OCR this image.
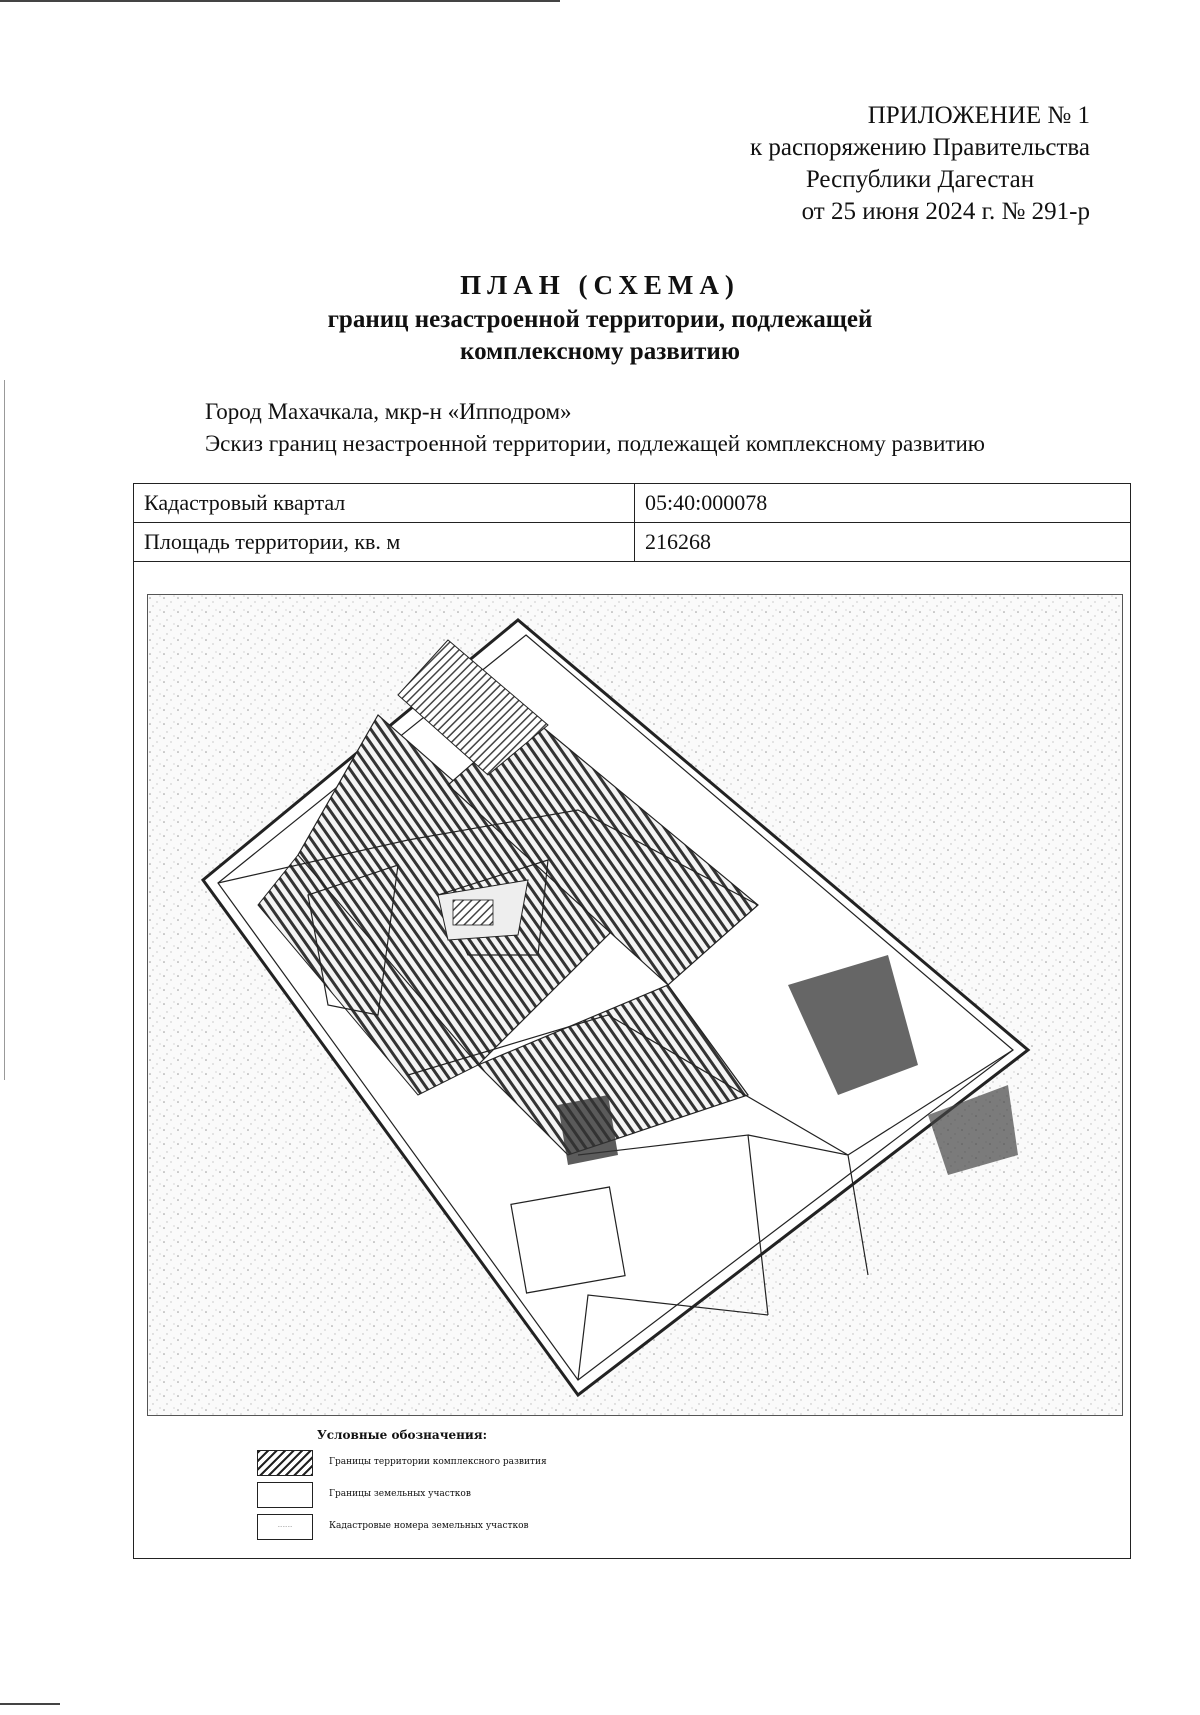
ПРИЛОЖЕНИЕ № 1
к распоряжению Правительства
Республики Дагестан
от 25 июня 2024 г. № 291-р
ПЛАН (СХЕМА)
границ незастроенной территории, подлежащей
комплексному развитию
Город Махачкала, мкр-н «Ипподром»
Эскиз границ незастроенной территории, подлежащей комплексному развитию
Кадастровый квартал	05:40:000078
Площадь территории, кв. м	216268
Условные обозначения:
Границы территории комплексного развития
Границы земельных участков
⋯⋯⋯	Кадастровые номера земельных участков
